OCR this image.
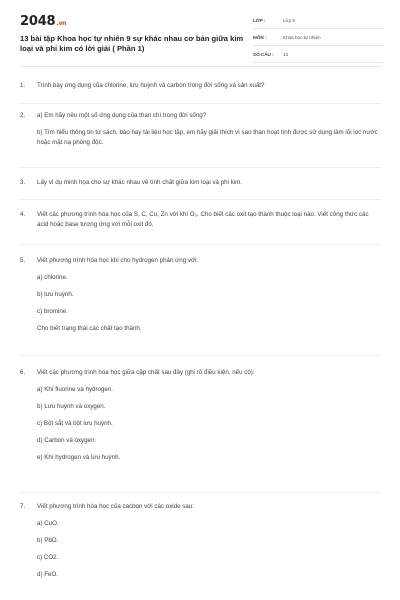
2048.vn
13 bài tập Khoa học tự nhiên 9 sự khác nhau cơ bản giữa kim loại và phi kim có lời giải ( Phần 1)
LỚP :	Lớp 9
MÔN :	Khoa học tự nhiên
SỐ CÂU :	13
1. Trình bày ứng dụng của chlorine, lưu huỳnh và carbon trong đời sống và sản xuất?

2. a) Em hãy nêu một số ứng dụng của than chì trong đời sống?

b) Tìm hiểu thông tin từ sách, báo hay tài liệu học tập, em hãy giải thích vì sao than hoạt tính được sử dụng làm lõi lọc nước hoặc mặt nạ phòng độc.

3. Lấy ví dụ minh họa cho sự khác nhau về tính chất giữa kim loại và phi kim.

4. Viết các phương trình hóa học của S, C, Cu, Zn với khí O₂. Cho biết các oxit tạo thành thuộc loại nào. Viết công thức các acid hoặc base tương ứng với mỗi oxit đó.

5. Viết phương trình hóa học khi cho hydrogen phản ứng với:

a) chlorine.

b) lưu huỳnh.

c) bromine.

Cho biết trạng thái các chất tạo thành.

6. Viết các phương trình hóa học giữa cặp chất sau đây (ghi rõ điều kiện, nếu có):

a) Khí fluorine và hydrogen.

b) Lưu huỳnh và oxygen.

c) Bột sắt và bột lưu huỳnh.

d) Carbon và oxygen.

e) Khí hydrogen và lưu huỳnh.

7. Viết phương trình hóa học của cacbon với các oxide sau:

a) CuO.

b) PbO.

c) CO2.

d) FeO.
